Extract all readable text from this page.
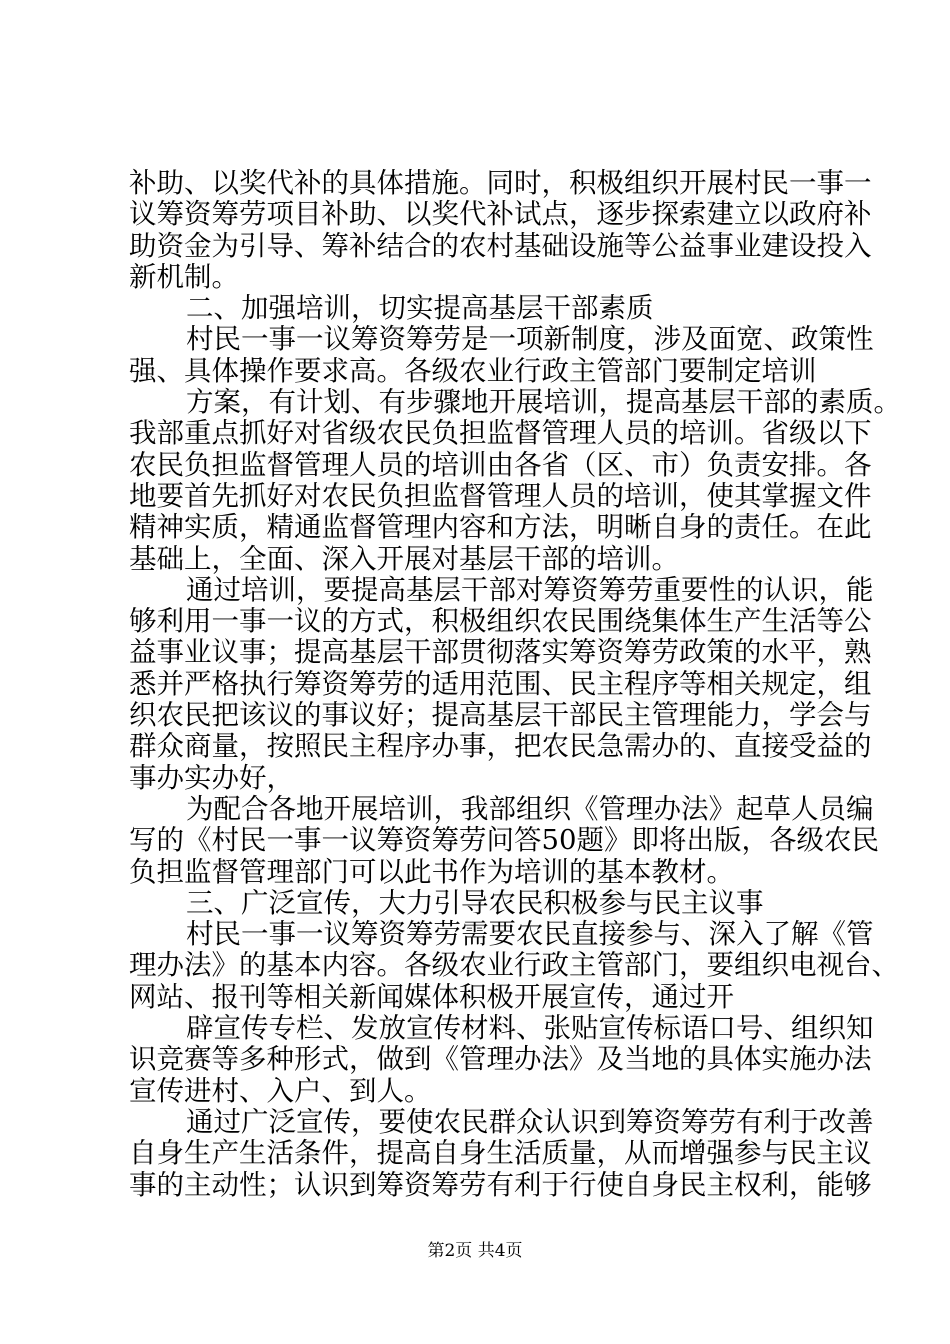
补助、以奖代补的具体措施。同时，积极组织开展村民一事一
议筹资筹劳项目补助、以奖代补试点，逐步探索建立以政府补
助资金为引导、筹补结合的农村基础设施等公益事业建设投入
新机制。
二、加强培训，切实提高基层干部素质
村民一事一议筹资筹劳是一项新制度，涉及面宽、政策性
强、具体操作要求高。各级农业行政主管部门要制定培训
方案，有计划、有步骤地开展培训，提高基层干部的素质。
我部重点抓好对省级农民负担监督管理人员的培训。省级以下
农民负担监督管理人员的培训由各省（区、市）负责安排。各
地要首先抓好对农民负担监督管理人员的培训，使其掌握文件
精神实质，精通监督管理内容和方法，明晰自身的责任。在此
基础上，全面、深入开展对基层干部的培训。
通过培训，要提高基层干部对筹资筹劳重要性的认识，能
够利用一事一议的方式，积极组织农民围绕集体生产生活等公
益事业议事；提高基层干部贯彻落实筹资筹劳政策的水平，熟
悉并严格执行筹资筹劳的适用范围、民主程序等相关规定，组
织农民把该议的事议好；提高基层干部民主管理能力，学会与
群众商量，按照民主程序办事，把农民急需办的、直接受益的
事办实办好，
为配合各地开展培训，我部组织《管理办法》起草人员编
写的《村民一事一议筹资筹劳问答50题》即将出版，各级农民
负担监督管理部门可以此书作为培训的基本教材。
三、广泛宣传，大力引导农民积极参与民主议事
村民一事一议筹资筹劳需要农民直接参与、深入了解《管
理办法》的基本内容。各级农业行政主管部门，要组织电视台、
网站、报刊等相关新闻媒体积极开展宣传，通过开
辟宣传专栏、发放宣传材料、张贴宣传标语口号、组织知
识竞赛等多种形式，做到《管理办法》及当地的具体实施办法
宣传进村、入户、到人。
通过广泛宣传，要使农民群众认识到筹资筹劳有利于改善
自身生产生活条件，提高自身生活质量，从而增强参与民主议
事的主动性；认识到筹资筹劳有利于行使自身民主权利，能够
第2页 共4页
